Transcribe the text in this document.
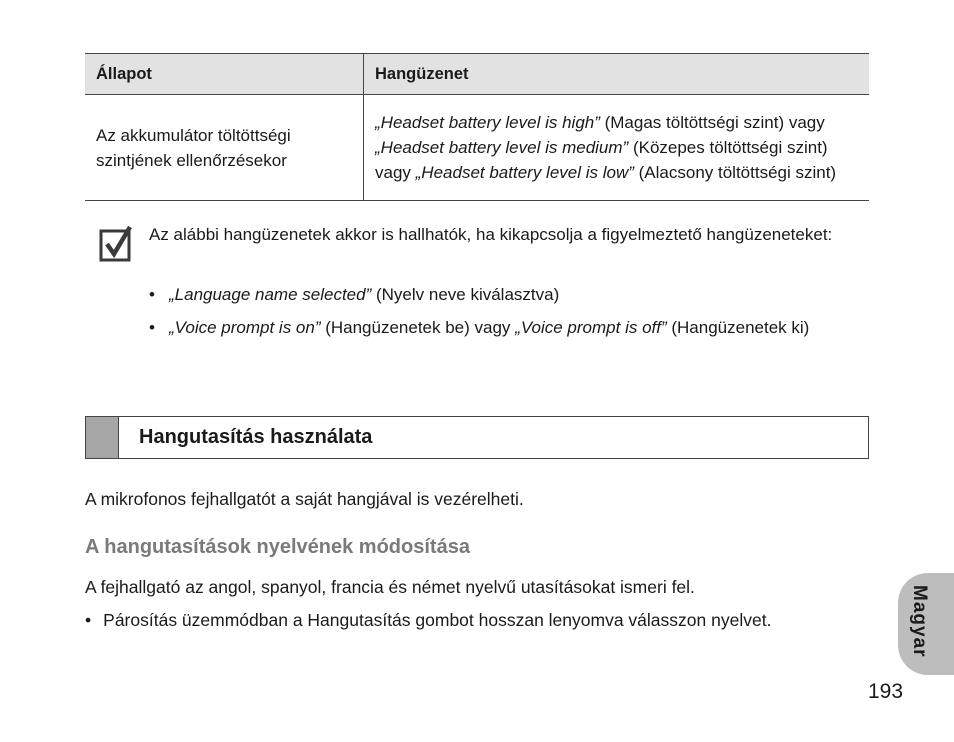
Állapot	Hangüzenet
Az akkumulátor töltöttségi szintjének ellenőrzésekor	„Headset battery level is high” (Magas töltöttségi szint) vagy „Headset battery level is medium” (Közepes töltöttségi szint) vagy „Headset battery level is low” (Alacsony töltöttségi szint)
Az alábbi hangüzenetek akkor is hallhatók, ha kikapcsolja a figyelmeztető hangüzeneteket:
• „Language name selected” (Nyelv neve kiválasztva)
• „Voice prompt is on” (Hangüzenetek be) vagy „Voice prompt is off” (Hangüzenetek ki)
Hangutasítás használata
A mikrofonos fejhallgatót a saját hangjával is vezérelheti.
A hangutasítások nyelvének módosítása
A fejhallgató az angol, spanyol, francia és német nyelvű utasításokat ismeri fel.
• Párosítás üzemmódban a Hangutasítás gombot hosszan lenyomva válasszon nyelvet.	Magyar
193
